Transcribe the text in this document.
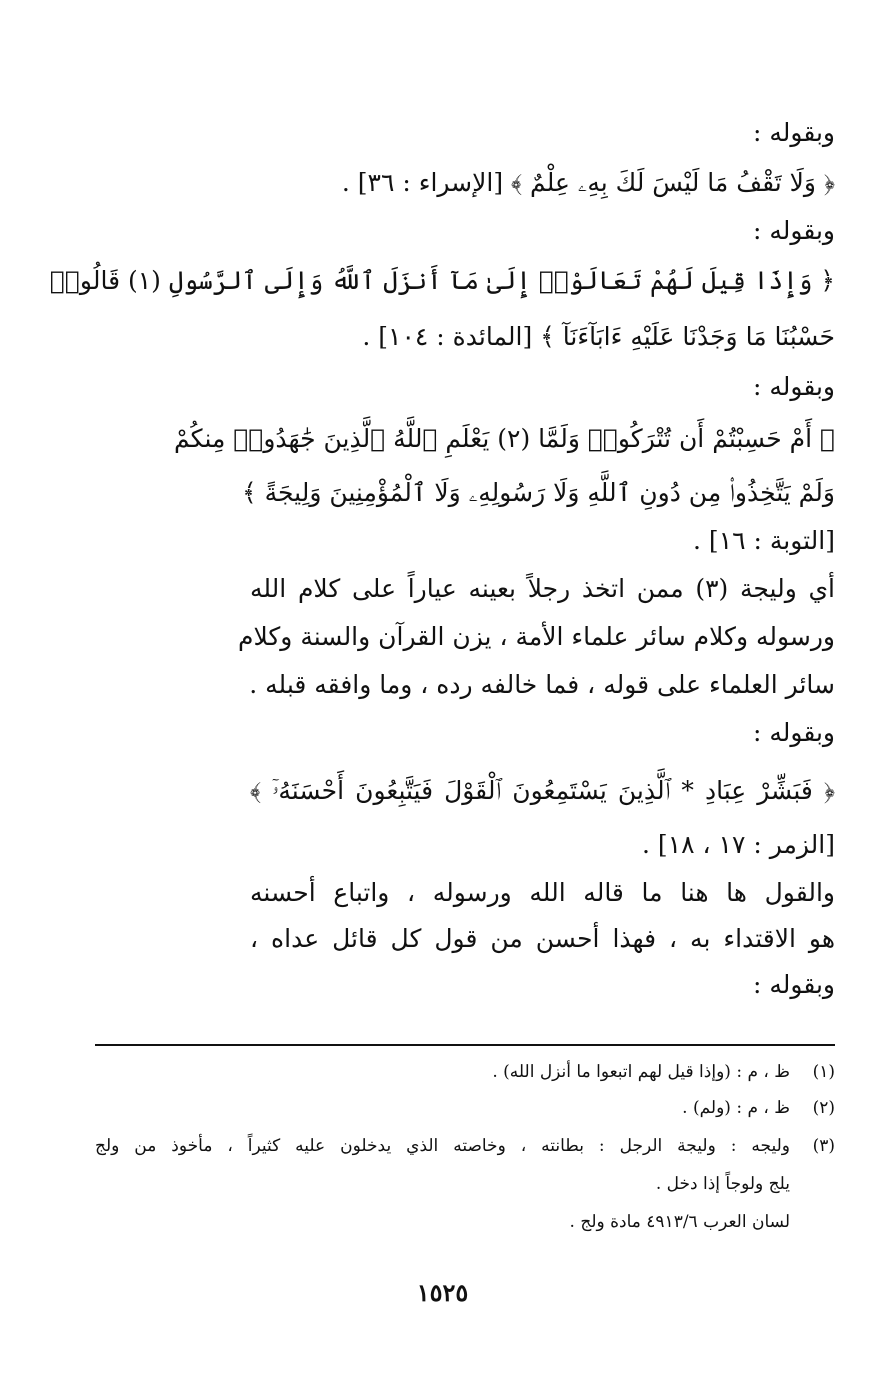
وبقوله :
﴿ وَلَا تَقْفُ مَا لَيْسَ لَكَ بِهِۦ عِلْمٌ ﴾ [الإسراء : ٣٦] .
وبقوله :
﴿ وَإِذَا قِيلَ لَهُمْ تَعَالَوْا۟ إِلَىٰ مَآ أَنزَلَ ٱللَّهُ وَإِلَى ٱلرَّسُولِ (١) قَالُوا۟
حَسْبُنَا مَا وَجَدْنَا عَلَيْهِ ءَابَآءَنَآ ﴾ [المائدة : ١٠٤] .
وبقوله :
﴿ أَمْ حَسِبْتُمْ أَن تُتْرَكُوا۟ وَلَمَّا (٢) يَعْلَمِ ٱللَّهُ ٱلَّذِينَ جَٰهَدُوا۟ مِنكُمْ
وَلَمْ يَتَّخِذُوا۟ مِن دُونِ ٱللَّهِ وَلَا رَسُولِهِۦ وَلَا ٱلْمُؤْمِنِينَ وَلِيجَةً ﴾
[التوبة : ١٦] .
أي وليجة (٣) ممن اتخذ رجلاً بعينه عياراً على كلام الله
ورسوله وكلام سائر علماء الأمة ، يزن القرآن والسنة وكلام
سائر العلماء على قوله ، فما خالفه رده ، وما وافقه قبله .
وبقوله :
﴿ فَبَشِّرْ عِبَادِ * ٱلَّذِينَ يَسْتَمِعُونَ ٱلْقَوْلَ فَيَتَّبِعُونَ أَحْسَنَهُۥٓ ﴾
[الزمر : ١٧ ، ١٨] .
والقول ها هنا ما قاله الله ورسوله ، واتباع أحسنه
هو الاقتداء به ، فهذا أحسن من قول كل قائل عداه ،
وبقوله :
(١)
ظ ، م : (وإذا قيل لهم اتبعوا ما أنزل الله) .
(٢)
ظ ، م : (ولم) .
(٣)
وليجه : وليجة الرجل : بطانته ، وخاصته الذي يدخلون عليه كثيراً ، مأخوذ من ولج
يلج ولوجاً إذا دخل .
لسان العرب ٤٩١٣/٦ مادة ولج .
١٥٢٥
